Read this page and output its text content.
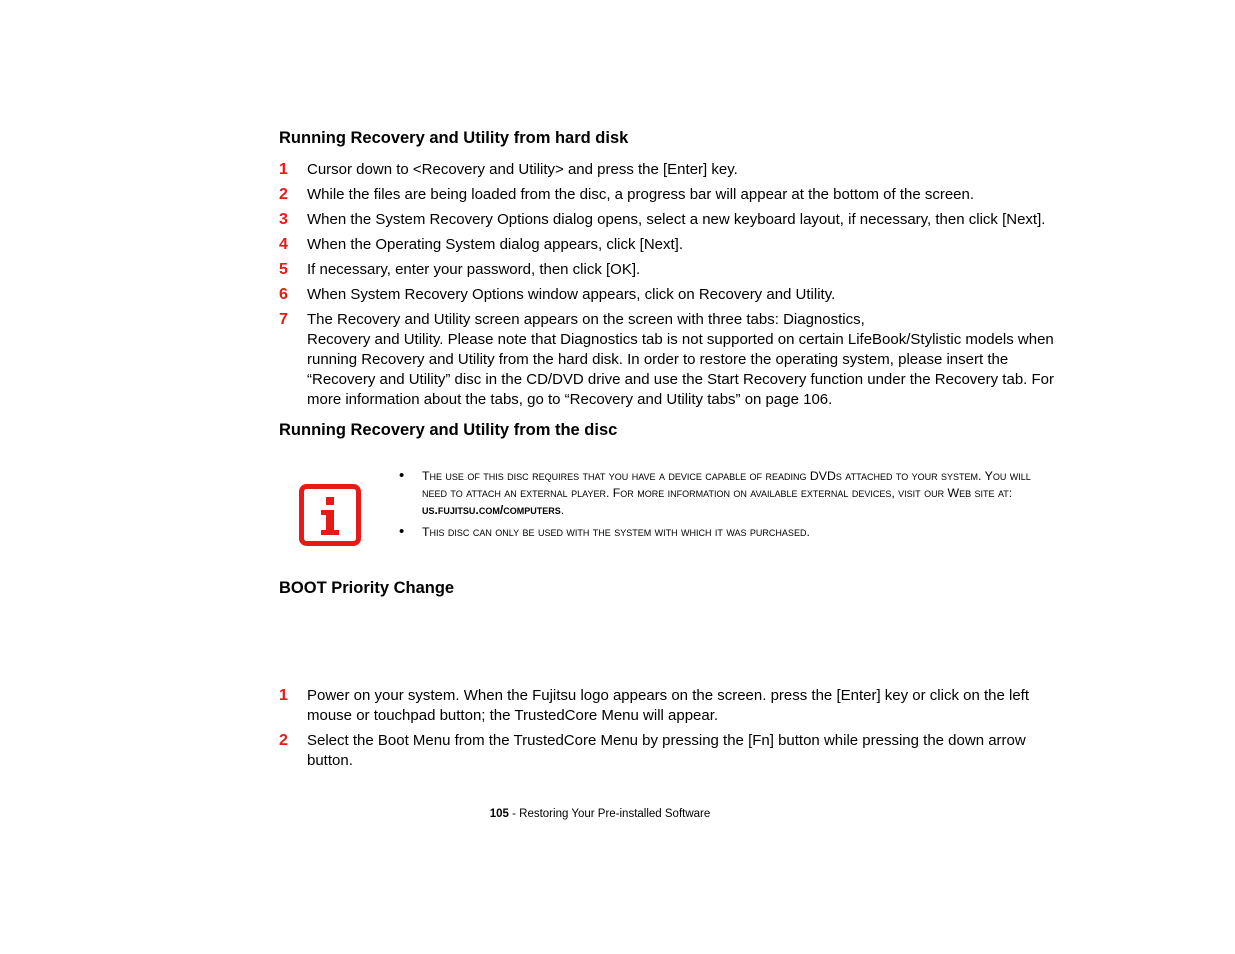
Running Recovery and Utility from hard disk
1 Cursor down to <Recovery and Utility> and press the [Enter] key.
2 While the files are being loaded from the disc, a progress bar will appear at the bottom of the screen.
3 When the System Recovery Options dialog opens, select a new keyboard layout, if necessary, then click [Next].
4 When the Operating System dialog appears, click [Next].
5 If necessary, enter your password, then click [OK].
6 When System Recovery Options window appears, click on Recovery and Utility.
7 The Recovery and Utility screen appears on the screen with three tabs: Diagnostics,
Recovery and Utility. Please note that Diagnostics tab is not supported on certain LifeBook/Stylistic models when running Recovery and Utility from the hard disk. In order to restore the operating system, please insert the “Recovery and Utility” disc in the CD/DVD drive and use the Start Recovery function under the Recovery tab. For more information about the tabs, go to “Recovery and Utility tabs” on page 106.
Running Recovery and Utility from the disc
• The use of this disc requires that you have a device capable of reading DVDs attached to your system. You will need to attach an external player. For more information on available external devices, visit our Web site at: us.fujitsu.com/computers.
• This disc can only be used with the system with which it was purchased.
BOOT Priority Change
1 Power on your system. When the Fujitsu logo appears on the screen. press the [Enter] key or click on the left mouse or touchpad button; the TrustedCore Menu will appear.
2 Select the Boot Menu from the TrustedCore Menu by pressing the [Fn] button while pressing the down arrow button.
105 - Restoring Your Pre-installed Software
